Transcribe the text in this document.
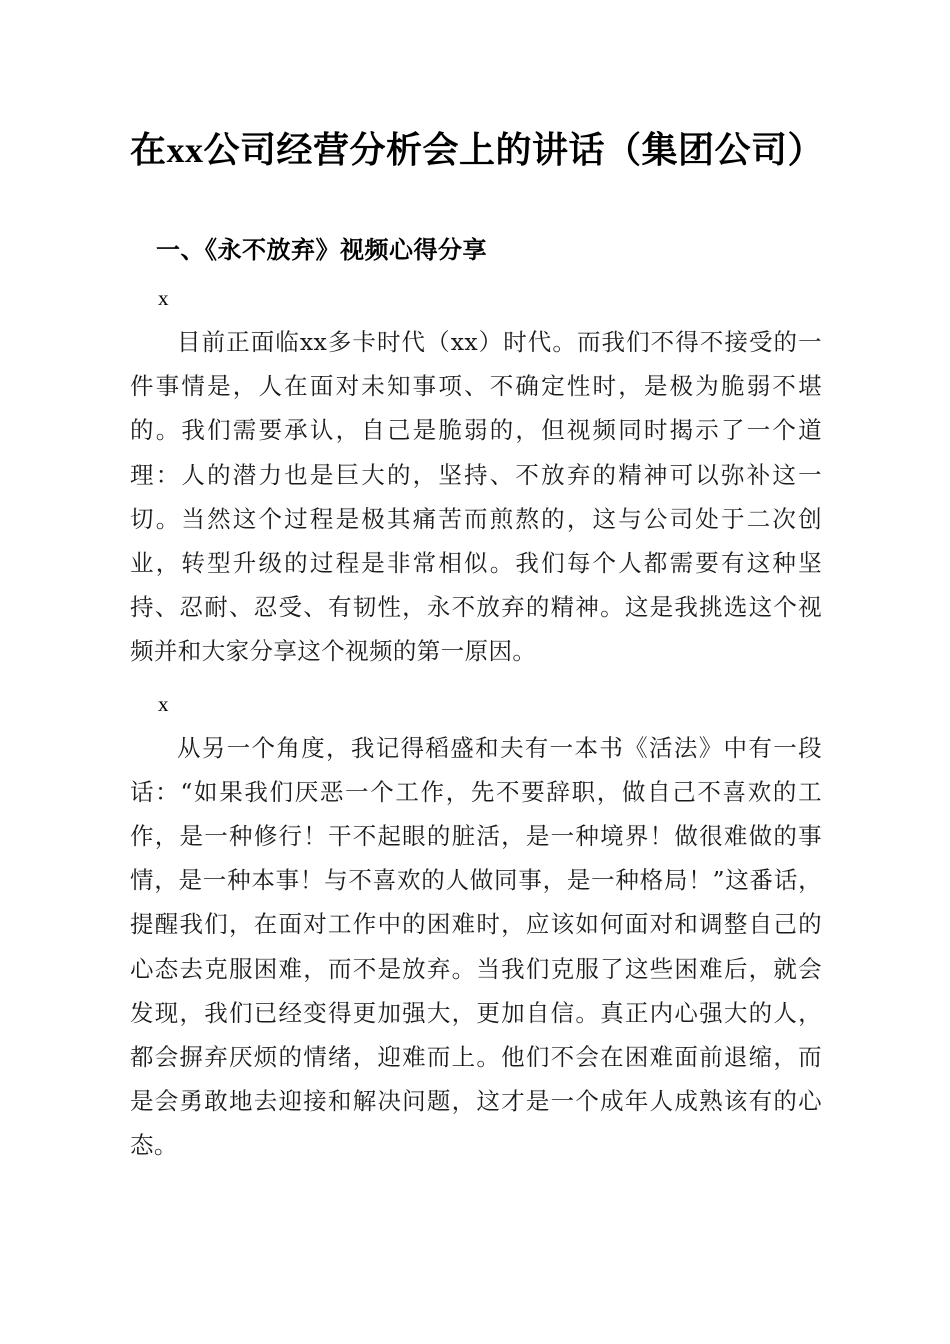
在xx公司经营分析会上的讲话（集团公司）
一、《永不放弃》视频心得分享

x

目前正面临xx多卡时代（xx）时代。而我们不得不接受的一件事情是，人在面对未知事项、不确定性时，是极为脆弱不堪的。我们需要承认，自己是脆弱的，但视频同时揭示了一个道理：人的潜力也是巨大的，坚持、不放弃的精神可以弥补这一切。当然这个过程是极其痛苦而煎熬的，这与公司处于二次创业，转型升级的过程是非常相似。我们每个人都需要有这种坚持、忍耐、忍受、有韧性，永不放弃的精神。这是我挑选这个视频并和大家分享这个视频的第一原因。

x

从另一个角度，我记得稻盛和夫有一本书《活法》中有一段话：“如果我们厌恶一个工作，先不要辞职，做自己不喜欢的工作，是一种修行！干不起眼的脏活，是一种境界！做很难做的事情，是一种本事！与不喜欢的人做同事，是一种格局！”这番话，提醒我们，在面对工作中的困难时，应该如何面对和调整自己的心态去克服困难，而不是放弃。当我们克服了这些困难后，就会发现，我们已经变得更加强大，更加自信。真正内心强大的人，都会摒弃厌烦的情绪，迎难而上。他们不会在困难面前退缩，而是会勇敢地去迎接和解决问题，这才是一个成年人成熟该有的心态。
